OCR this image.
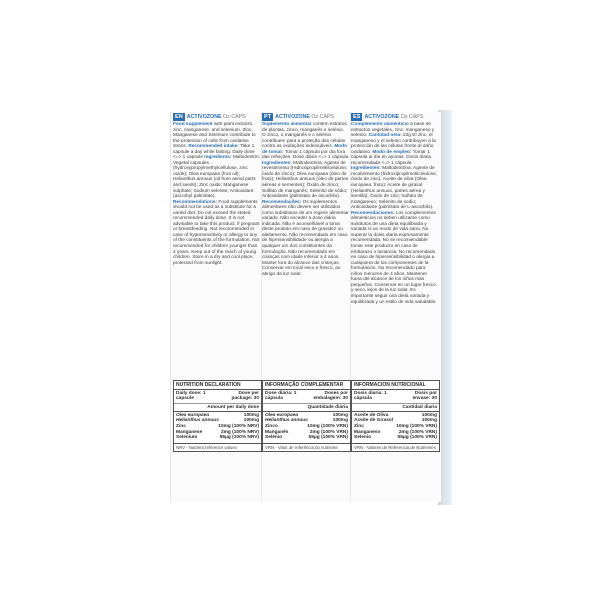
EN ACTIVOZONE Oz CAPS
Food supplement with plant extracts, zinc, manganese, and selenium. Zinc, Manganese and Selenium contribute to the protection of cells from oxidative stress. Recommended intake: Take 1 capsule a day while fasting. Daily dose <=> 1 capsule Ingredients: Maltodextrin; Vegetal capsules (hydroxypropylmethylcellulose, zinc oxide); Olea europaea (fruit oil); Helianthus annuus (oil from aerial parts and seeds); Zinc oxide; Manganese sulphate; Sodium selenite; Antioxidant (ascorbyl palmitate). Recommendations: Food supplements should not be used as a substitute for a varied diet. Do not exceed the stated recommended daily dose. It is not advisable to take this product, if pregnant or breastfeeding. Not recommended in case of hypersensitivity or allergy to any of the constituents of the formulation. Not recommended for children younger than 4 years. Keep out of the reach of young children. Store in a dry and cool place, protected from sunlight.
NUTRITION DECLARATION
Daily dose: 1 capsule
Dose per package: 30
Amount per daily dose
Olea europaea	100mg
Helianthus annuus	100mg
Zinc	10mg (100% NRV)
Manganese	2mg (100% NRV)
Selenium	55μg (100% NRV)
NRV - Nutrient reference values
PT ACTIVOZONE Oz CAPS
Suplemento alimentar contém extratos de plantas, zinco, manganês e selénio. O zinco, o manganês e o selénio contribuem para a proteção das células contra as oxidações indesejáveis. Modo de tomar: Tomar 1 cápsula por dia fora das refeições. Dose diária <=> 1 cápsula Ingredientes: Maltodextrina; Agente de revestimento (Hidroxipropilmetilcelulose, óxido de zinco); Olea europaea (óleo de fruto); Helianthus annuus (óleo de partes aéreas e sementes); Óxido de zinco; Sulfato de manganês; Selenito de sódio; Antioxidante (palmitato de ascorbilo). Recomendações: Os suplementos alimentares não devem ser utilizados como substitutos de um regime alimentar variado. Não exceder a dose diária indicada. Não é aconselhável a toma deste produto em caso de gravidez ou aleitamento. Não recomendado em caso de hipersensibilidade ou alergia a qualquer um dos constituintes da formulação. Não recomendado em crianças com idade inferior a 4 anos. Manter fora do alcance das crianças. Conservar em local seco e fresco, ao abrigo da luz solar.
INFORMAÇÃO COMPLEMENTAR
Dose diária: 1 cápsula
Doses por embalagem: 30
Quantidade diária
Olea europaea	100mg
Helianthus annuus	100mg
Zinco	10mg (100% VRN)
Manganês	2mg (100% VRN)
Selénio	55μg (100% VRN)
VRN - Valor de referência do nutriente
ES ACTIVOZONE Oz CAPS
Complemento alimenticio a base de extractos vegetales, zinc, manganeso y selenio. Cantidad neta: 22g El zinc, el manganeso y el selenio contribuyen a la protección de las células frente al daño oxidativo. Modo de empleo: Tomar 1 cápsula al día en ayunas. Dosis diaria recomendada <=> 1 cápsula Ingredientes: Maltodextrina; Agente de recubrimiento (hidroxipropilmetilcelulose, óxido de zinc); Aceite de oliva (Olea europaea, fruto); Aceite de girasol (Helianthus annuus, partes aérea y semilla); Óxido de zinc; Sulfato de manganeso; Selenito de sodio; Antioxidante (palmitato de L-ascorbilo). Recomendaciones: Los complementos alimenticios no deben utilizarse como sustitutos de una dieta equilibrada y variada ni un modo de vida sano. No superar la dosis diaria expresamente recomendada. No se recomiendable tomar este producto en caso de embarazo o lactancia. No recomendado en caso de hipersensibilidad o alergia a cualquiera de los componentes de la formulación. No recomendado para niños menores de 4 años. Mantener fuera del alcance de los niños más pequeños. Conservar en un lugar fresco y seco, lejos de la luz solar. Es importante seguir una dieta variada y equilibrada y un estilo de vida saludable.
INFORMACION NUTRICIONAL
Dosis diaria: 1 cápsula
Dosis por envase: 30
Cantidad diaria
Aceite de Oliva	100mg
Aceite de Girasol	100mg
Zinc	10mg (100% VRN)
Manganeso	2mg (100% VRN)
Selenio	55μg (100% VRN)
VRN - Valores de Referencia de Nutrientes
